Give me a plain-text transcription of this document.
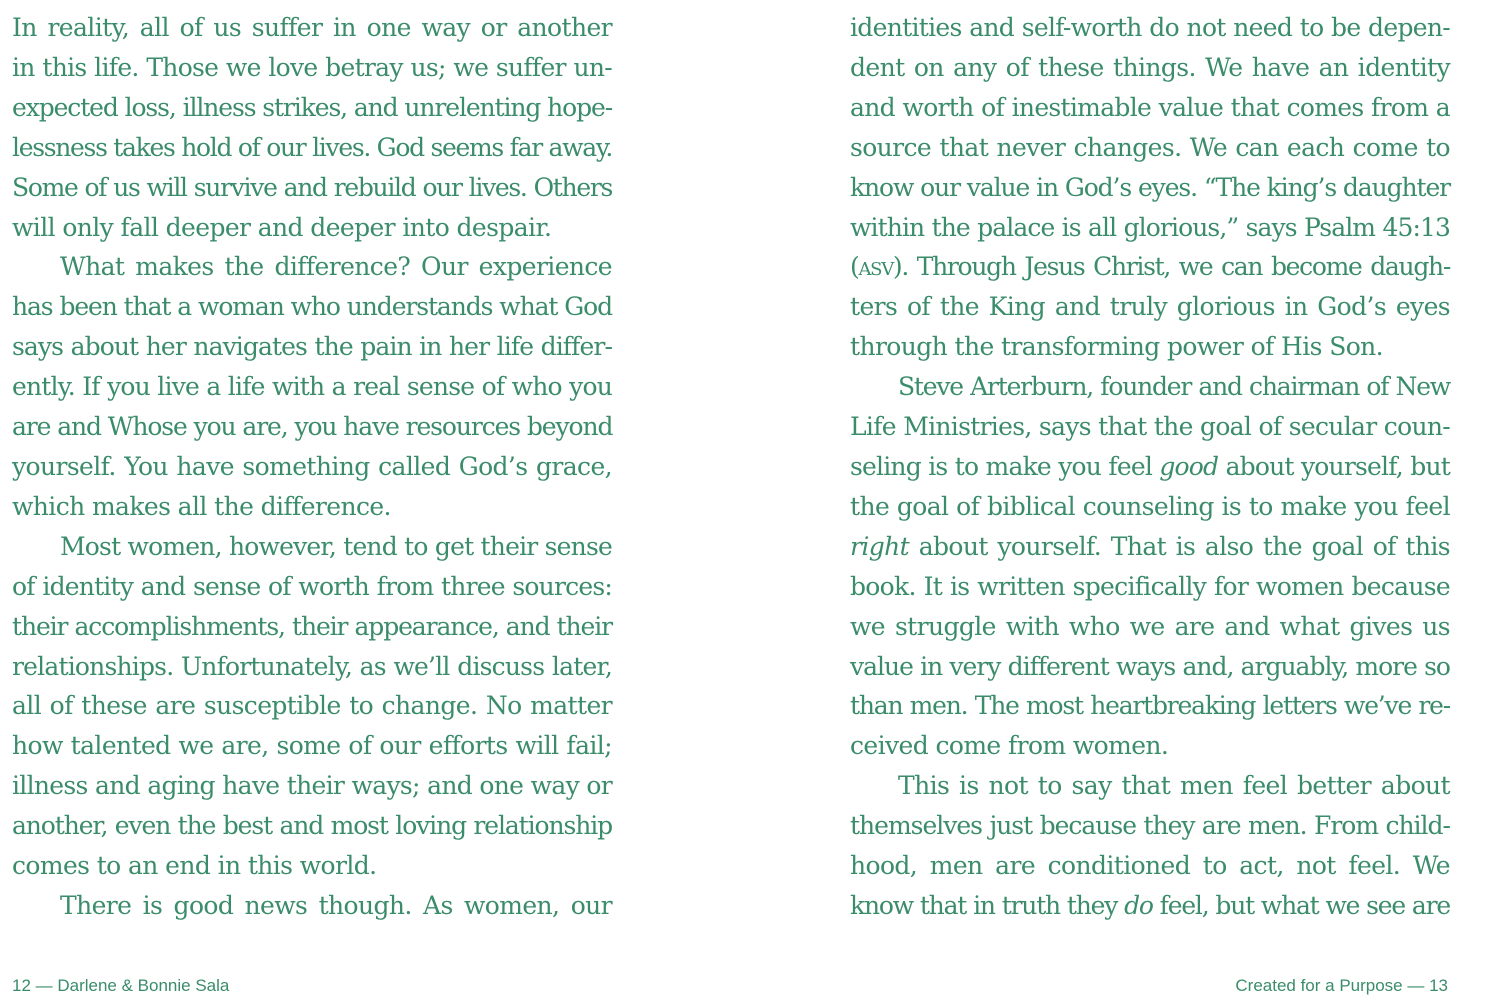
In reality, all of us suffer in one way or another
in this life. Those we love betray us; we suffer un-
expected loss, illness strikes, and unrelenting hope-
lessness takes hold of our lives. God seems far away.
Some of us will survive and rebuild our lives. Others
will only fall deeper and deeper into despair.

What makes the difference? Our experience
has been that a woman who understands what God
says about her navigates the pain in her life differ-
ently. If you live a life with a real sense of who you
are and Whose you are, you have resources beyond
yourself. You have something called God’s grace,
which makes all the difference.

Most women, however, tend to get their sense
of identity and sense of worth from three sources:
their accomplishments, their appearance, and their
relationships. Unfortunately, as we’ll discuss later,
all of these are susceptible to change. No matter
how talented we are, some of our efforts will fail;
illness and aging have their ways; and one way or
another, even the best and most loving relationship
comes to an end in this world.

There is good news though. As women, our

identities and self-worth do not need to be depen-
dent on any of these things. We have an identity
and worth of inestimable value that comes from a
source that never changes. We can each come to
know our value in God’s eyes. “The king’s daughter
within the palace is all glorious,” says Psalm 45:13
(asv). Through Jesus Christ, we can become daugh-
ters of the King and truly glorious in God’s eyes
through the transforming power of His Son.

Steve Arterburn, founder and chairman of New
Life Ministries, says that the goal of secular coun-
seling is to make you feel good about yourself, but
the goal of biblical counseling is to make you feel
right about yourself. That is also the goal of this
book. It is written specifically for women because
we struggle with who we are and what gives us
value in very different ways and, arguably, more so
than men. The most heartbreaking letters we’ve re-
ceived come from women.

This is not to say that men feel better about
themselves just because they are men. From child-
hood, men are conditioned to act, not feel. We
know that in truth they do feel, but what we see are

12 — Darlene & Bonnie Sala	Created for a Purpose — 13
